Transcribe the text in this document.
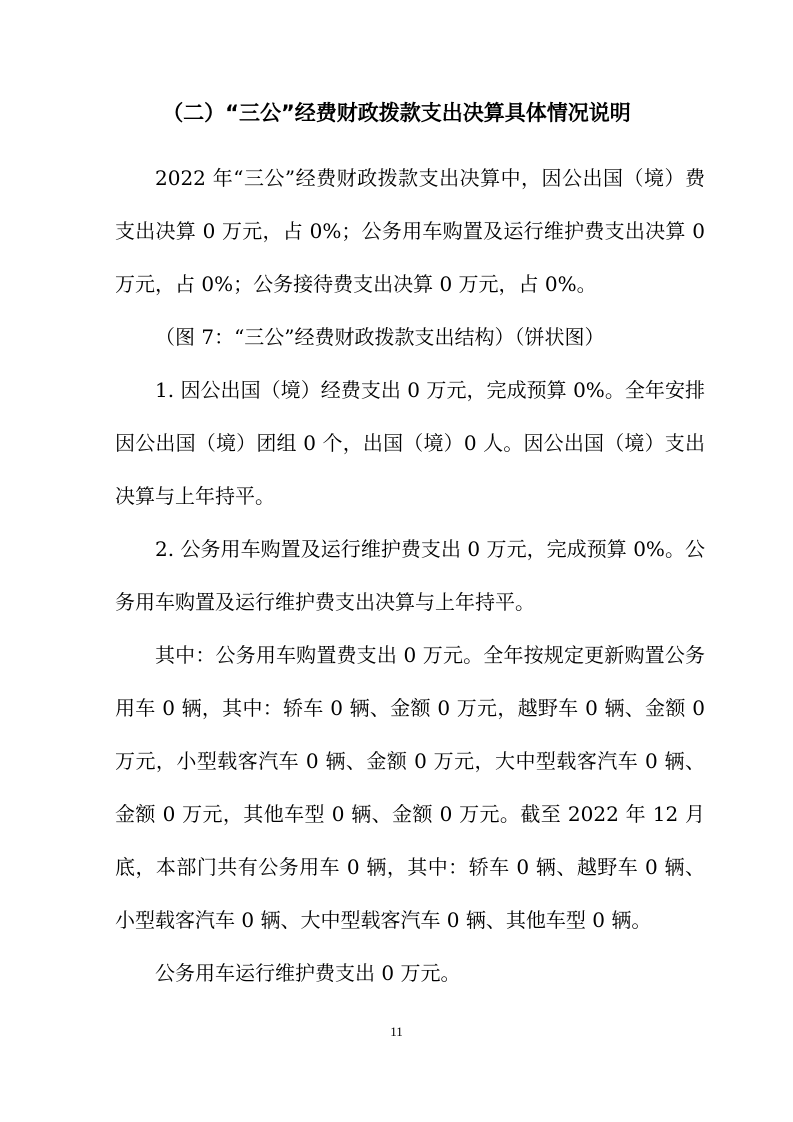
（二）“三公”经费财政拨款支出决算具体情况说明

2022 年“三公”经费财政拨款支出决算中，因公出国（境）费支出决算 0 万元，占 0%；公务用车购置及运行维护费支出决算 0 万元，占 0%；公务接待费支出决算 0 万元，占 0%。

（图 7：“三公”经费财政拨款支出结构）（饼状图）

1. 因公出国（境）经费支出 0 万元，完成预算 0%。全年安排因公出国（境）团组 0 个，出国（境）0 人。因公出国（境）支出决算与上年持平。

2. 公务用车购置及运行维护费支出 0 万元，完成预算 0%。公务用车购置及运行维护费支出决算与上年持平。

其中：公务用车购置费支出 0 万元。全年按规定更新购置公务用车 0 辆，其中：轿车 0 辆、金额 0 万元，越野车 0 辆、金额 0 万元，小型载客汽车 0 辆、金额 0 万元，大中型载客汽车 0 辆、金额 0 万元，其他车型 0 辆、金额 0 万元。截至 2022 年 12 月底，本部门共有公务用车 0 辆，其中：轿车 0 辆、越野车 0 辆、小型载客汽车 0 辆、大中型载客汽车 0 辆、其他车型 0 辆。

公务用车运行维护费支出 0 万元。

11
